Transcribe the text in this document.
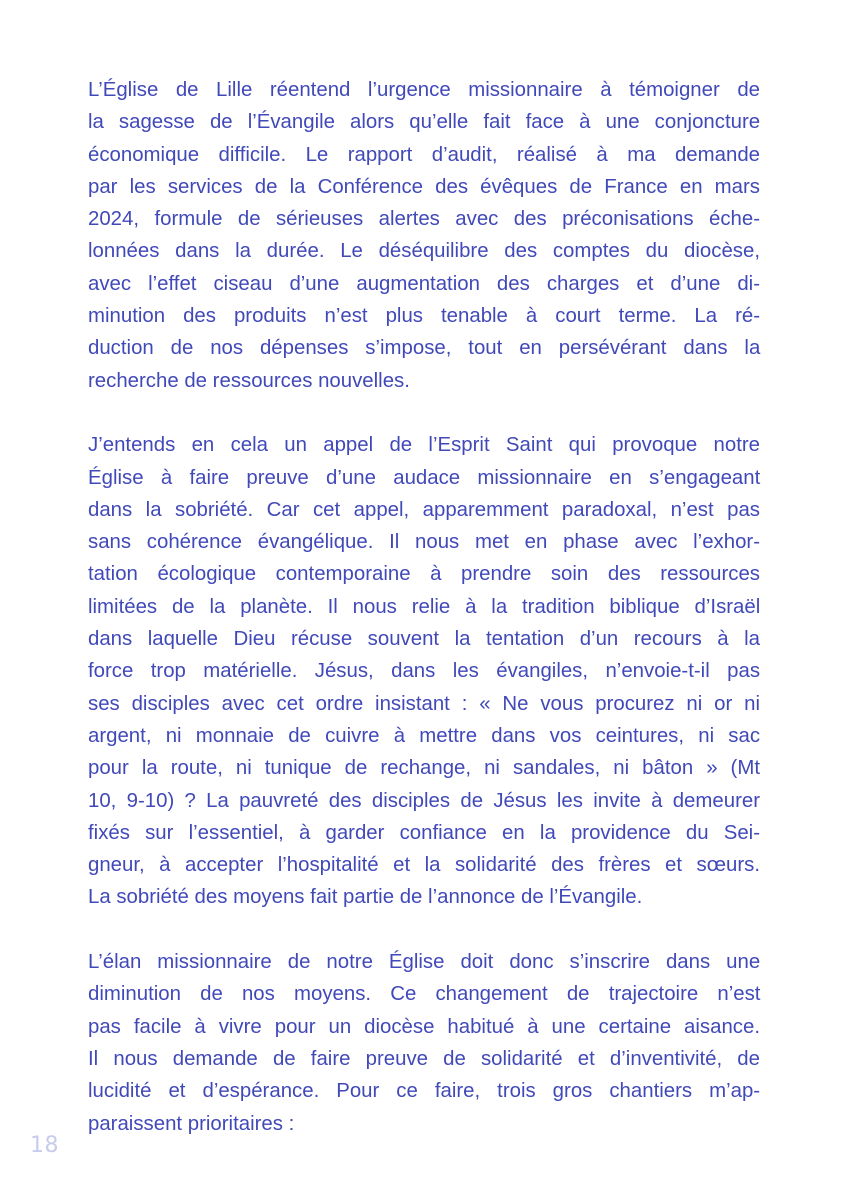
L’Église de Lille réentend l’urgence missionnaire à témoigner de
la sagesse de l’Évangile alors qu’elle fait face à une conjoncture
économique difficile. Le rapport d’audit, réalisé à ma demande
par les services de la Conférence des évêques de France en mars
2024, formule de sérieuses alertes avec des préconisations éche-
lonnées dans la durée. Le déséquilibre des comptes du diocèse,
avec l’effet ciseau d’une augmentation des charges et d’une di-
minution des produits n’est plus tenable à court terme. La ré-
duction de nos dépenses s’impose, tout en persévérant dans la
recherche de ressources nouvelles.

J’entends en cela un appel de l’Esprit Saint qui provoque notre
Église à faire preuve d’une audace missionnaire en s’engageant
dans la sobriété. Car cet appel, apparemment paradoxal, n’est pas
sans cohérence évangélique. Il nous met en phase avec l’exhor-
tation écologique contemporaine à prendre soin des ressources
limitées de la planète. Il nous relie à la tradition biblique d’Israël
dans laquelle Dieu récuse souvent la tentation d’un recours à la
force trop matérielle. Jésus, dans les évangiles, n’envoie-t-il pas
ses disciples avec cet ordre insistant : « Ne vous procurez ni or ni
argent, ni monnaie de cuivre à mettre dans vos ceintures, ni sac
pour la route, ni tunique de rechange, ni sandales, ni bâton » (Mt
10, 9-10) ? La pauvreté des disciples de Jésus les invite à demeurer
fixés sur l’essentiel, à garder confiance en la providence du Sei-
gneur, à accepter l’hospitalité et la solidarité des frères et sœurs.
La sobriété des moyens fait partie de l’annonce de l’Évangile.

L’élan missionnaire de notre Église doit donc s’inscrire dans une
diminution de nos moyens. Ce changement de trajectoire n’est
pas facile à vivre pour un diocèse habitué à une certaine aisance.
Il nous demande de faire preuve de solidarité et d’inventivité, de
lucidité et d’espérance. Pour ce faire, trois gros chantiers m’ap-
paraissent prioritaires :

18
